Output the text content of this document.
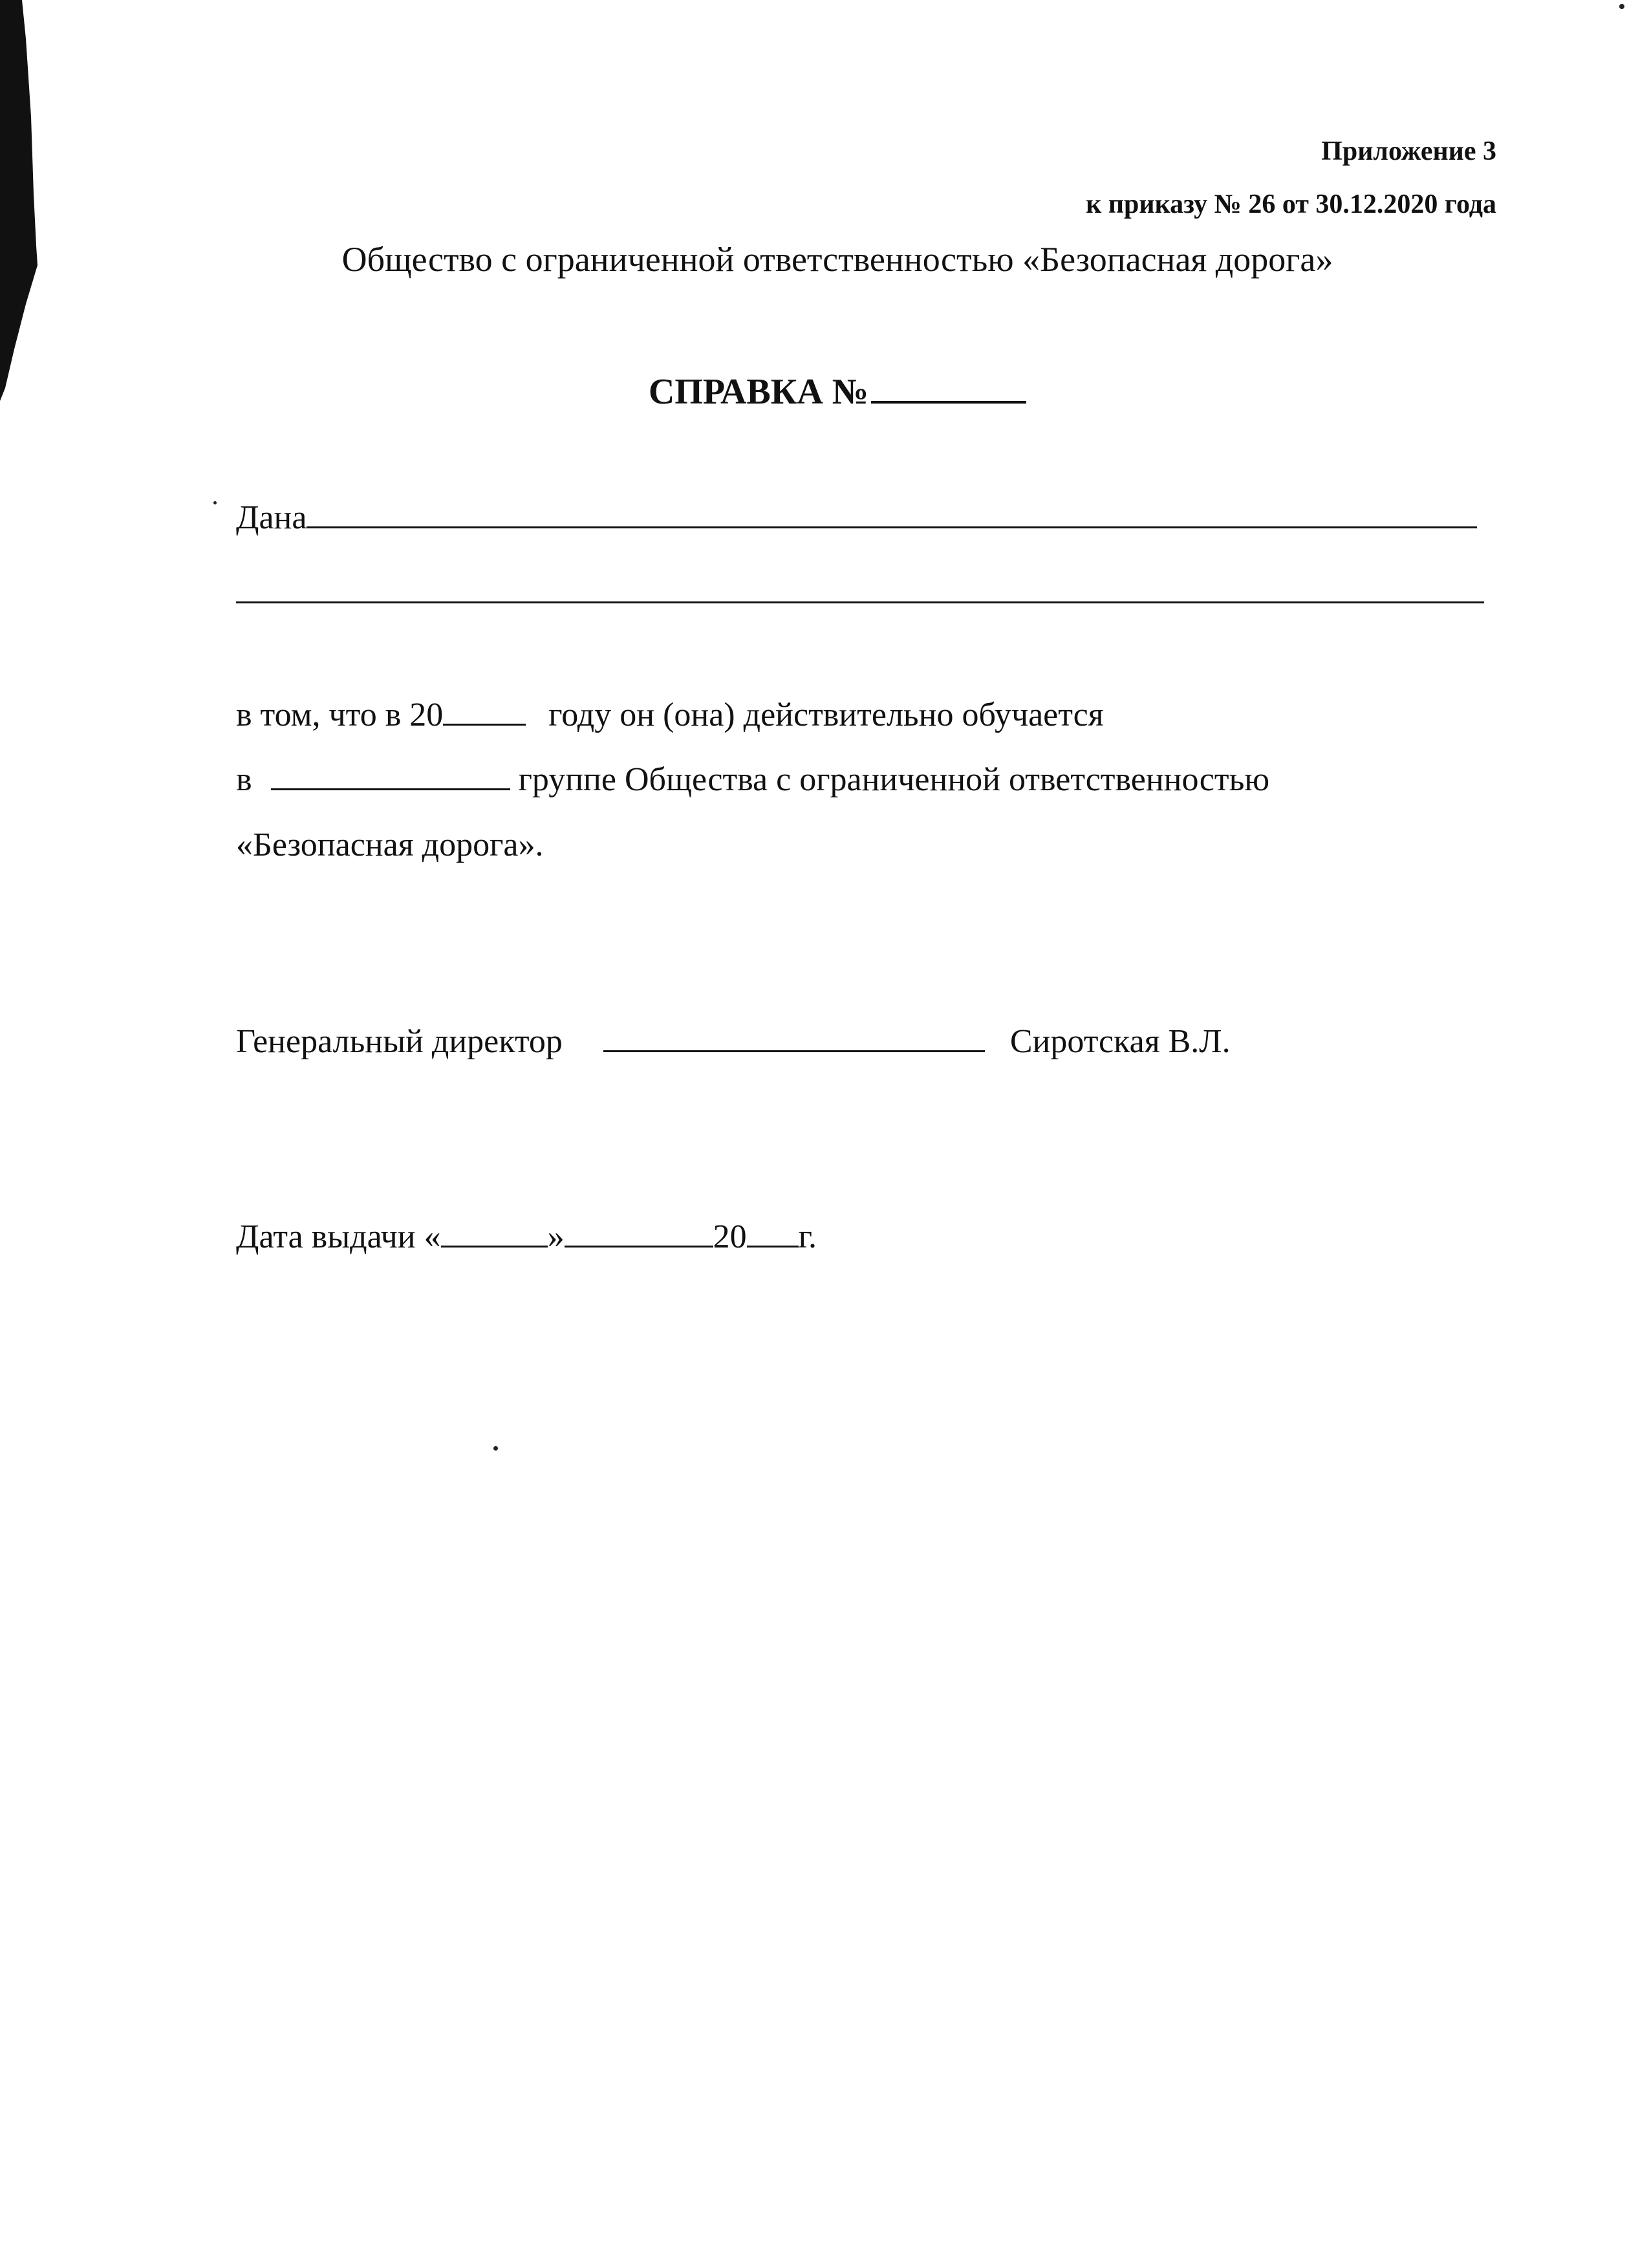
Приложение 3
к приказу № 26 от 30.12.2020 года
Общество с ограниченной ответственностью «Безопасная дорога»
СПРАВКА №
Дана
в том, что в 20	году он (она) действительно обучается
в	группе Общества с ограниченной ответственностью
«Безопасная дорога».
Генеральный директор	Сиротская В.Л.
Дата выдачи «	»	20 г.
